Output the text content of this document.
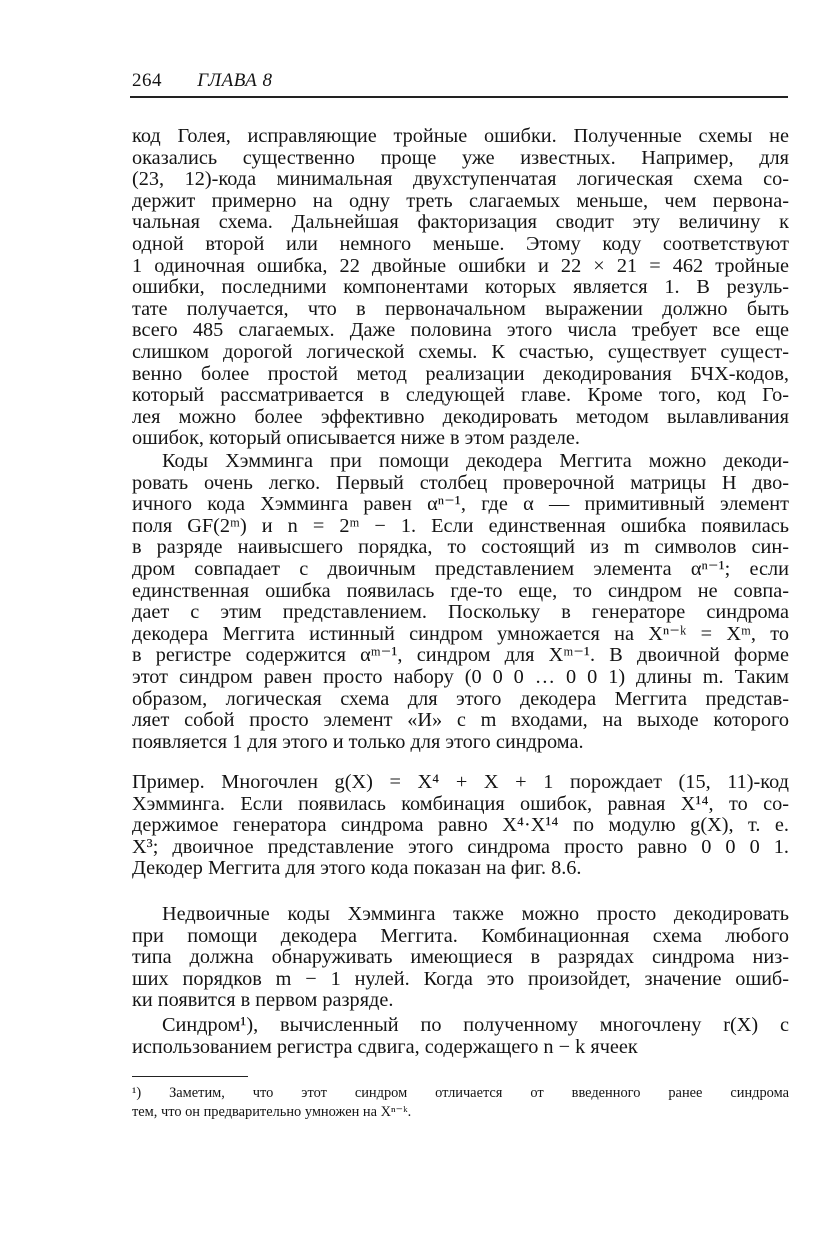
264 ГЛАВА 8
код Голея, исправляющие тройные ошибки. Полученные схемы не
оказались существенно проще уже известных. Например, для
(23, 12)-кода минимальная двухступенчатая логическая схема со-
держит примерно на одну треть слагаемых меньше, чем первона-
чальная схема. Дальнейшая факторизация сводит эту величину к
одной второй или немного меньше. Этому коду соответствуют
1 одиночная ошибка, 22 двойные ошибки и 22 × 21 = 462 тройные
ошибки, последними компонентами которых является 1. В резуль-
тате получается, что в первоначальном выражении должно быть
всего 485 слагаемых. Даже половина этого числа требует все еще
слишком дорогой логической схемы. К счастью, существует сущест-
венно более простой метод реализации декодирования БЧХ-кодов,
который рассматривается в следующей главе. Кроме того, код Го-
лея можно более эффективно декодировать методом вылавливания
ошибок, который описывается ниже в этом разделе.
Коды Хэмминга при помощи декодера Меггита можно декоди-
ровать очень легко. Первый столбец проверочной матрицы H дво-
ичного кода Хэмминга равен αⁿ⁻¹, где α — примитивный элемент
поля GF(2ᵐ) и n = 2ᵐ − 1. Если единственная ошибка появилась
в разряде наивысшего порядка, то состоящий из m символов син-
дром совпадает с двоичным представлением элемента αⁿ⁻¹; если
единственная ошибка появилась где-то еще, то синдром не совпа-
дает с этим представлением. Поскольку в генераторе синдрома
декодера Меггита истинный синдром умножается на Xⁿ⁻ᵏ = Xᵐ, то
в регистре содержится αᵐ⁻¹, синдром для Xᵐ⁻¹. В двоичной форме
этот синдром равен просто набору (0 0 0 … 0 0 1) длины m. Таким
образом, логическая схема для этого декодера Меггита представ-
ляет собой просто элемент «И» с m входами, на выходе которого
появляется 1 для этого и только для этого синдрома.
Пример. Многочлен g(X) = X⁴ + X + 1 порождает (15, 11)-код
Хэмминга. Если появилась комбинация ошибок, равная X¹⁴, то со-
держимое генератора синдрома равно X⁴·X¹⁴ по модулю g(X), т. е.
X³; двоичное представление этого синдрома просто равно 0 0 0 1.
Декодер Меггита для этого кода показан на фиг. 8.6.
Недвоичные коды Хэмминга также можно просто декодировать
при помощи декодера Меггита. Комбинационная схема любого
типа должна обнаруживать имеющиеся в разрядах синдрома низ-
ших порядков m − 1 нулей. Когда это произойдет, значение ошиб-
ки появится в первом разряде.
Синдром¹), вычисленный по полученному многочлену r(X) с
использованием регистра сдвига, содержащего n − k ячеек
¹) Заметим, что этот синдром отличается от введенного ранее синдрома
тем, что он предварительно умножен на Xⁿ⁻ᵏ.
